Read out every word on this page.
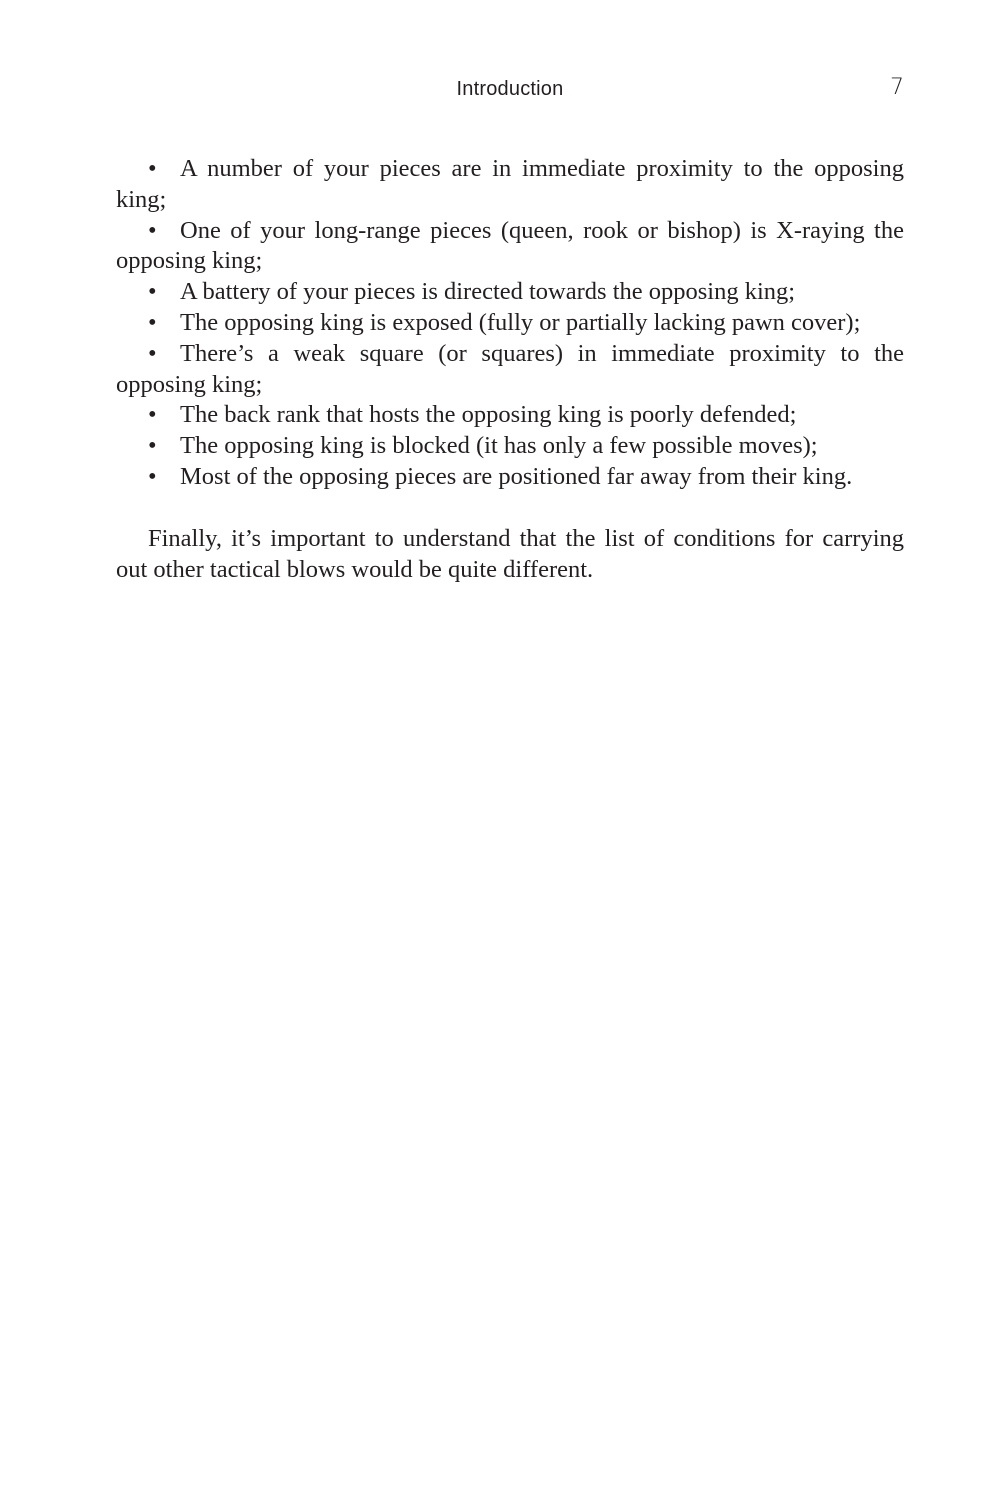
Introduction	7

• A number of your pieces are in immediate proximity to the opposing king;

• One of your long-range pieces (queen, rook or bishop) is X-raying the opposing king;

• A battery of your pieces is directed towards the opposing king;

• The opposing king is exposed (fully or partially lacking pawn cover);

• There’s a weak square (or squares) in immediate proximity to the opposing king;

• The back rank that hosts the opposing king is poorly defended;

• The opposing king is blocked (it has only a few possible moves);

• Most of the opposing pieces are positioned far away from their king.

Finally, it’s important to understand that the list of conditions for carrying out other tactical blows would be quite different.
